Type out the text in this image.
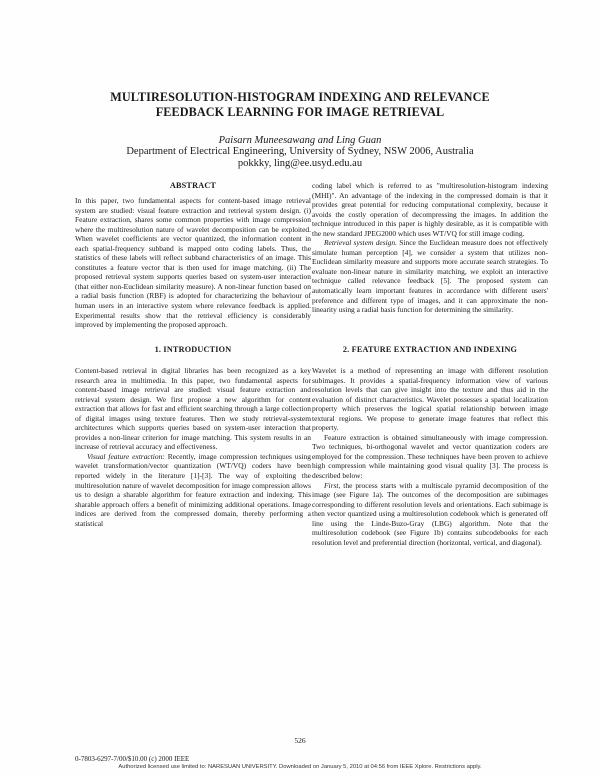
MULTIRESOLUTION-HISTOGRAM INDEXING AND RELEVANCE
FEEDBACK LEARNING FOR IMAGE RETRIEVAL
Paisarn Muneesawang and Ling Guan
Department of Electrical Engineering, University of Sydney, NSW 2006, Australia
pokkky, ling@ee.usyd.edu.au
ABSTRACT

In this paper, two fundamental aspects for content-based image retrieval system are studied: visual feature extraction and retrieval system design. (i) Feature extraction, shares some common properties with image compression where the multiresolution nature of wavelet decomposition can be exploited. When wavelet coefficients are vector quantized, the information content in each spatial-frequency subband is mapped onto coding labels. Thus, the statistics of these labels will reflect subband characteristics of an image. This constitutes a feature vector that is then used for image matching. (ii) The proposed retrieval system supports queries based on system-user interaction (that either non-Euclidean similarity measure). A non-linear function based on a radial basis function (RBF) is adopted for characterizing the behaviour of human users in an interactive system where relevance feedback is applied. Experimental results show that the retrieval efficiency is considerably improved by implementing the proposed approach.

1. INTRODUCTION

Content-based retrieval in digital libraries has been recognized as a key research area in multimedia. In this paper, two fundamental aspects for content-based image retrieval are studied: visual feature extraction and retrieval system design. We first propose a new algorithm for content extraction that allows for fast and efficient searching through a large collection of digital images using texture features. Then we study retrieval-system architectures which supports queries based on system-user interaction that provides a non-linear criterion for image matching. This system results in an increase of retrieval accuracy and effectiveness.

Visual feature extraction: Recently, image compression techniques using wavelet transformation/vector quantization (WT/VQ) coders have been reported widely in the literature [1]-[3]. The way of exploiting the multiresolution nature of wavelet decomposition for image compression allows us to design a sharable algorithm for feature extraction and indexing. This sharable approach offers a benefit of minimizing additional operations. Image indices are derived from the compressed domain, thereby performing a statistical

coding label which is referred to as "multiresolution-histogram indexing (MHI)". An advantage of the indexing in the compressed domain is that it provides great potential for reducing computational complexity, because it avoids the costly operation of decompressing the images. In addition the technique introduced in this paper is highly desirable, as it is compatible with the new standard JPEG2000 which uses WT/VQ for still image coding.

Retrieval system design. Since the Euclidean measure does not effectively simulate human perception [4], we consider a system that utilizes non-Euclidean similarity measure and supports more accurate search strategies. To evaluate non-linear nature in similarity matching, we exploit an interactive technique called relevance feedback [5]. The proposed system can automatically learn important features in accordance with different users' preference and different type of images, and it can approximate the non-linearity using a radial basis function for determining the similarity.

2. FEATURE EXTRACTION AND INDEXING

Wavelet is a method of representing an image with different resolution subimages. It provides a spatial-frequency information view of various resolution levels that can give insight into the texture and thus aid in the evaluation of distinct characteristics. Wavelet possesses a spatial localization property which preserves the logical spatial relationship between image textural regions. We propose to generate image features that reflect this property.

Feature extraction is obtained simultaneously with image compression. Two techniques, bi-orthogonal wavelet and vector quantization coders are employed for the compression. These techniques have been proven to achieve high compression while maintaining good visual quality [3]. The process is described below:

First, the process starts with a multiscale pyramid decomposition of the image (see Figure 1a). The outcomes of the decomposition are subimages corresponding to different resolution levels and orientations. Each subimage is then vector quantized using a multiresolution codebook which is generated off line using the Linde-Buzo-Gray (LBG) algorithm. Note that the multiresolution codebook (see Figure 1b) contains subcodebooks for each resolution level and preferential direction (horizontal, vertical, and diagonal).

526
0-7803-6297-7/00/$10.00 (c) 2000 IEEE
Authorized licensed use limited to: NARESUAN UNIVERSITY. Downloaded on January 5, 2010 at 04:56 from IEEE Xplore. Restrictions apply.
